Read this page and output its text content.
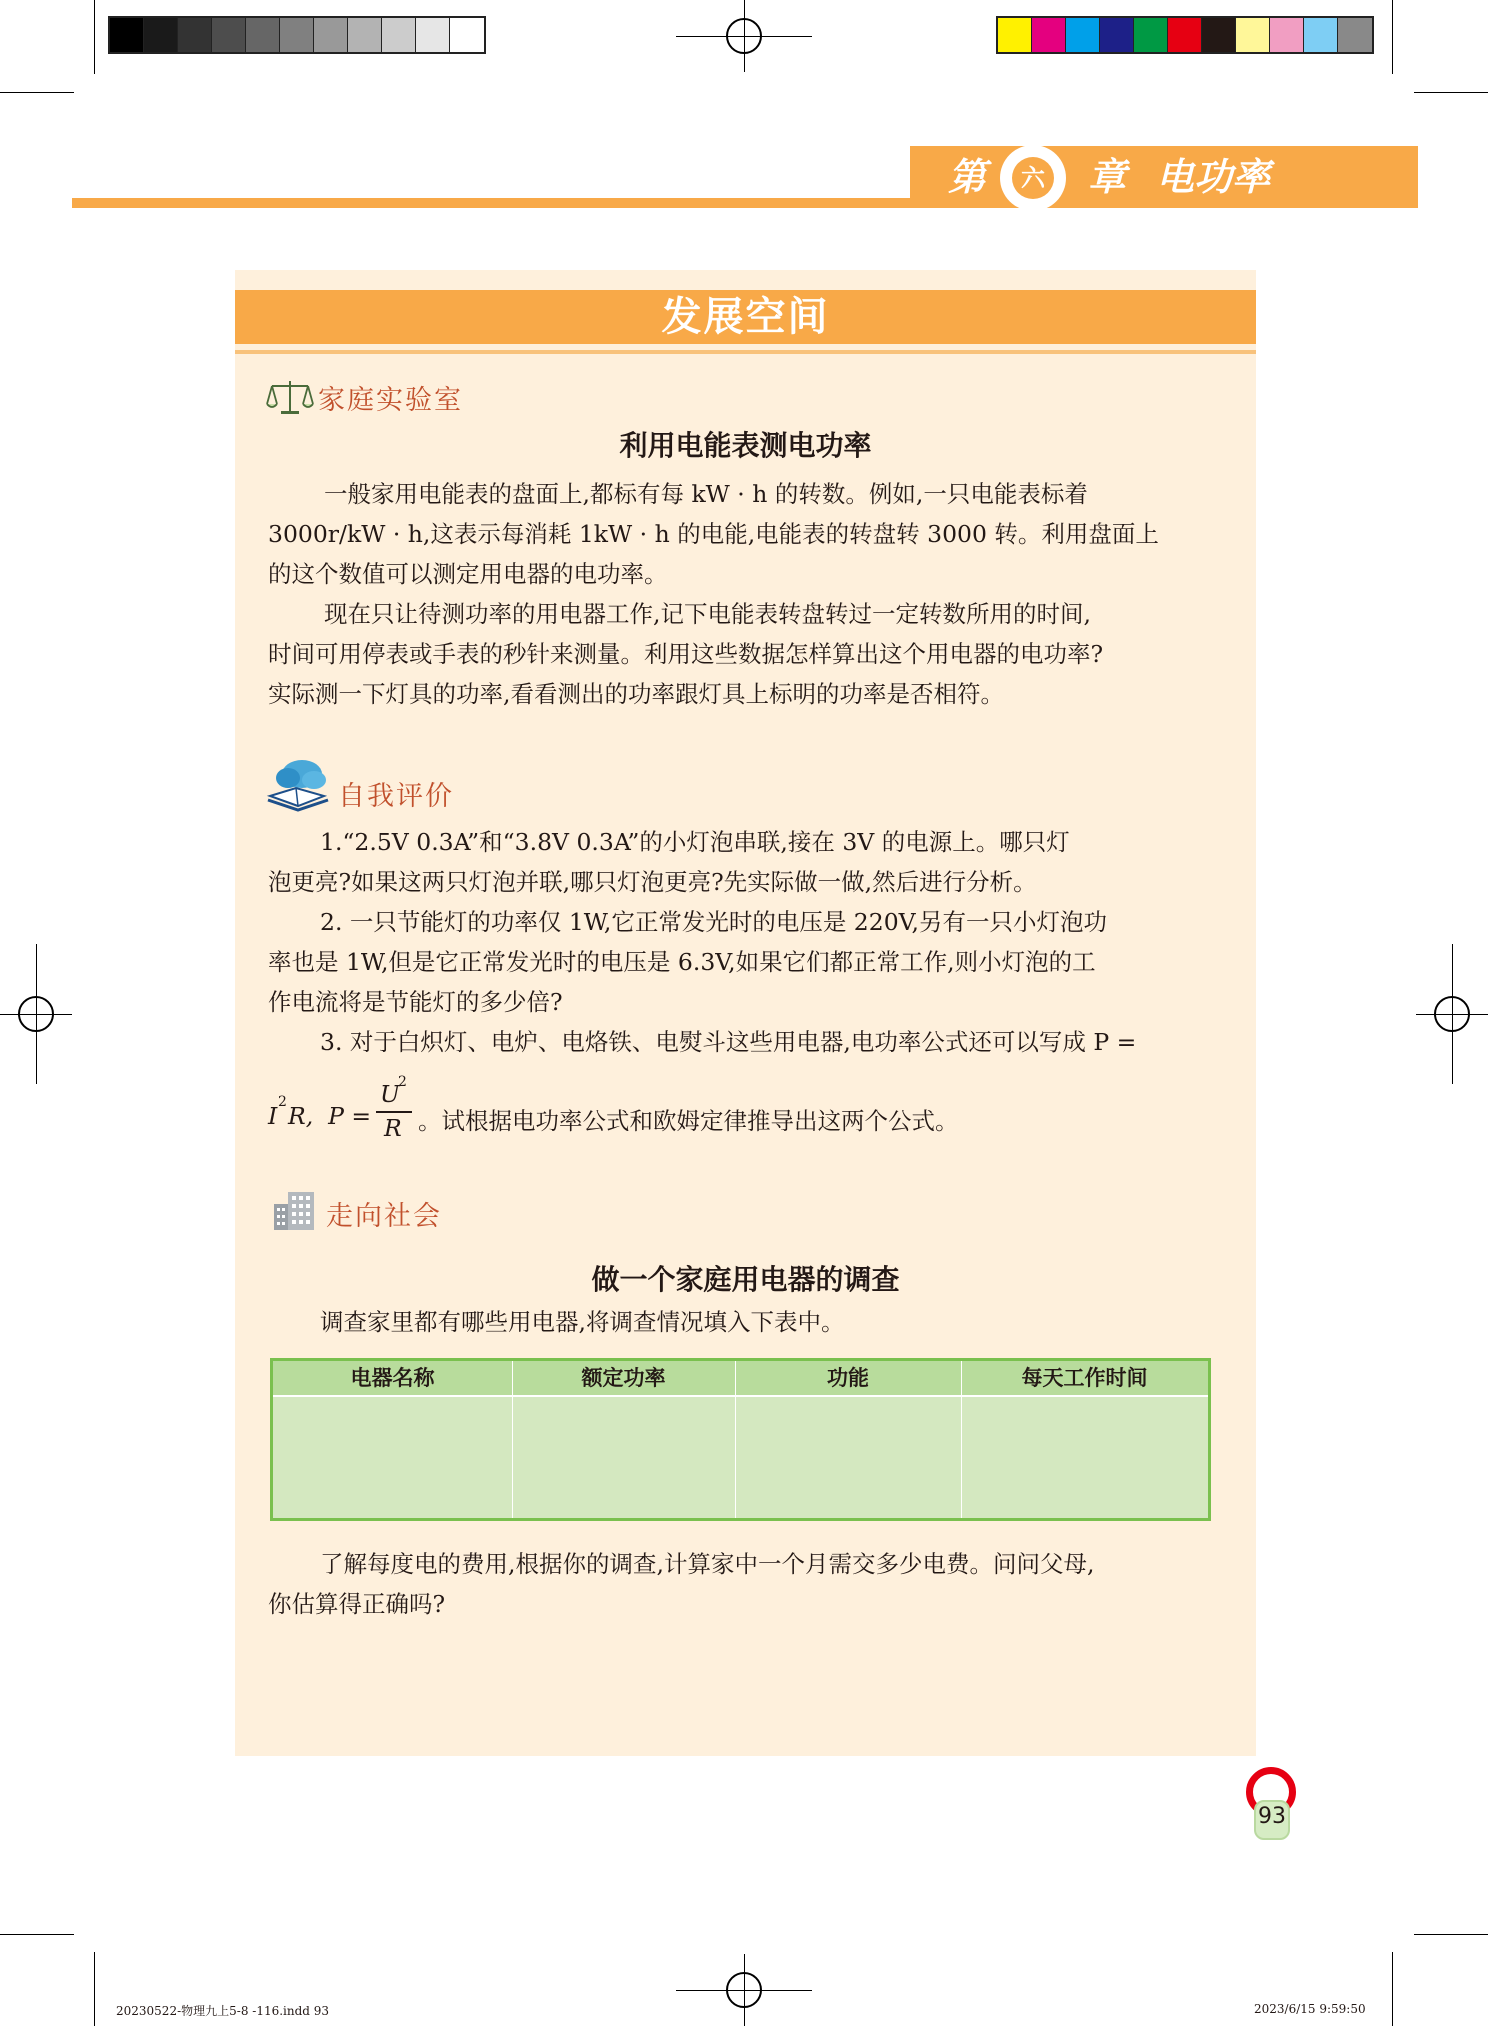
第	六 章 电功率
发展空间
家庭实验室
利用电能表测电功率
一般家用电能表的盘面上,都标有每 kW · h 的转数。例如,一只电能表标着
3000r/kW · h,这表示每消耗 1kW · h 的电能,电能表的转盘转 3000 转。利用盘面上
的这个数值可以测定用电器的电功率。
现在只让待测功率的用电器工作,记下电能表转盘转过一定转数所用的时间,
时间可用停表或手表的秒针来测量。利用这些数据怎样算出这个用电器的电功率?
实际测一下灯具的功率,看看测出的功率跟灯具上标明的功率是否相符。
自我评价
1.“2.5V 0.3A”和“3.8V 0.3A”的小灯泡串联,接在 3V 的电源上。哪只灯
泡更亮?如果这两只灯泡并联,哪只灯泡更亮?先实际做一做,然后进行分析。
2. 一只节能灯的功率仅 1W,它正常发光时的电压是 220V,另有一只小灯泡功
率也是 1W,但是它正常发光时的电压是 6.3V,如果它们都正常工作,则小灯泡的工
作电流将是节能灯的多少倍?
3. 对于白炽灯、电炉、电烙铁、电熨斗这些用电器,电功率公式还可以写成 P =
I 2 R,  P =
U
2
R 。试根据电功率公式和欧姆定律推导出这两个公式。
走向社会
做一个家庭用电器的调查
调查家里都有哪些用电器,将调查情况填入下表中。
电器名称	额定功率	功能	每天工作时间
了解每度电的费用,根据你的调查,计算家中一个月需交多少电费。问问父母,
你估算得正确吗?
93
20230522-物理九上5-8 -116.indd 93	2023/6/15 9:59:50
